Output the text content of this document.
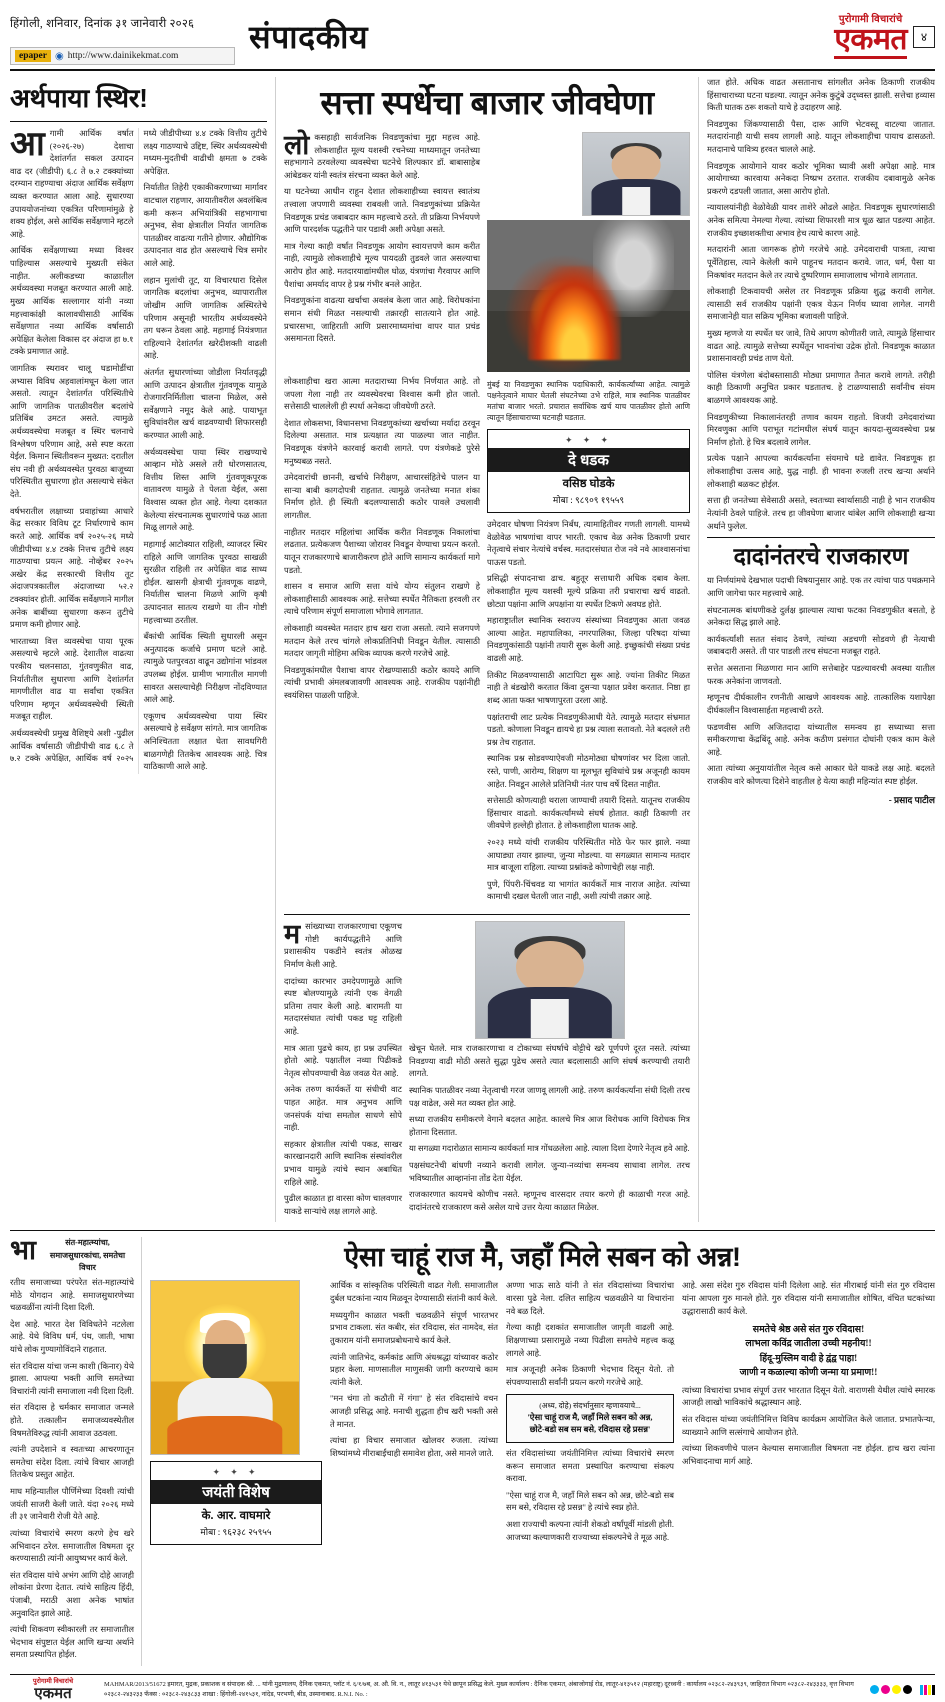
हिंगोली, शनिवार, दिनांक ३१ जानेवारी २०२६
epaper ◉ http://www.dainikekmat.com
संपादकीय	पुरोगामी विचारांचे
एकमत	४
अर्थपाया स्थिर!
आ गामी आर्थिक वर्षात (२०२६-२७) देशाचा देशांतर्गत सकल उत्पादन वाढ दर (जीडीपी) ६.८ ते ७.२ टक्क्यांच्या दरम्यान राहण्याचा अंदाज आर्थिक सर्वेक्षण व्यक्त करण्यात आला आहे. सुधारण्या उपाययोजनांच्या एकत्रित परिणामांमुळे हे शक्य होईल, असे आर्थिक सर्वेक्षणाने म्हटले आहे.

आर्थिक सर्वेक्षणाच्या मध्या विश्वर पाहिल्यास असल्याचे मुख्यती संकेत नाहीत. अलीकडच्या काळातील अर्थव्यवस्था मजबूत करण्यात आली आहे. मुख्य आर्थिक सल्लागार यांनी नव्या महत्त्वाकांक्षी कालावधीसाठी आर्थिक सर्वेक्षणात नव्या आर्थिक वर्षासाठी अपेक्षित केलेला विकास दर अंदाज हा ७.१ टक्के प्रमाणात आहे.

जागतिक स्थरावर चालू घडामोडींचा अभ्यास विविध अहवालांमधून केला जात असतो. त्यातून देशांतर्गत परिस्थितीचे आणि जागतिक पातळीवरील बदलांचे प्रतिबिंब उमटत असते. त्यामुळे अर्थव्यवस्थेचा मजबूत व स्थिर चलनाचे विश्लेषण परिणाम आहे, असे स्पष्ट करता येईल. किमान स्थितीवरून मुख्यत: दरातील संघ नवी ही अर्थव्यवस्थेत पुरवठा बाजूच्या परिस्थितीत सुधारणा होत असल्याचे संकेत देते.

वर्षभरातील लक्षाच्या प्रवाहांच्या आधारे केंद्र सरकार विविध टूट निर्धारणाचे काम करते आहे. आर्थिक वर्ष २०२५-२६ मध्ये जीडीपीच्या ४.४ टक्के नित्तच तुटीचे लक्ष्य गाठण्याचा प्रयत्न आहे. नोव्हेंबर २०२५ अखेर केंद्र सरकारची वित्तीय तूट अंदाजपत्रकातील अंदाजाच्या ५२.२ टक्क्यांवर होती. आर्थिक सर्वेक्षणाने मागील अनेक बाबींच्या सुधारणा करून तुटीचे प्रमाण कमी होणार आहे.

भारताच्या वित्त व्यवस्थेचा पाया पूरक असल्याचे म्हटले आहे. देशातील वाढत्या परकीय चलनसाठा, गुंतवणुकीत वाढ, निर्यातीतील सुधारणा आणि देशांतर्गत मागणीतील वाढ या सर्वांचा एकत्रित परिणाम म्हणून अर्थव्यवस्थेची स्थिती मजबूत राहील.

अर्थव्यवस्थेची प्रमुख वैशिष्ट्ये अशी -पुढील आर्थिक वर्षासाठी जीडीपीची वाढ ६.८ ते ७.२ टक्के अपेक्षित, आर्थिक वर्ष २०२५ मध्ये जीडीपीच्या ४.४ टक्के वित्तीय तुटीचे लक्ष्य गाठण्याचे उद्दिष्ट, स्थिर अर्थव्यवस्थेची मध्यम-मुदतीची वाढीची क्षमता ७ टक्के अपेक्षित.

निर्यातीत तिहेरी एकाकीकरणाच्या मार्गावर वाटचाल राहणार, आयातीवरील अवलंबित्व कमी करून अभियांत्रिकी सहभागाचा अनुभव, सेवा क्षेत्रातील निर्यात जागतिक पातळीवर वाढत्या गतीने होणार. औद्योगिक उत्पादनात वाढ होत असल्याचे चित्र समोर आले आहे.

लहान मुलांची तूट, या विचारधारा दिसेल जागतिक बदलांचा अनुभव, व्यापारातील जोखीम आणि जागतिक अस्थिरतेचे परिणाम असूनही भारतीय अर्थव्यवस्थेने तग धरून ठेवला आहे. महागाई नियंत्रणात राहिल्याने देशांतर्गत खरेदीशक्ती वाढली आहे.

अंतर्गत सुधारणांच्या जोडीला निर्यातवृद्धी आणि उत्पादन क्षेत्रातील गुंतवणूक यामुळे रोजगारनिर्मितीला चालना मिळेल, असे सर्वेक्षणाने नमूद केले आहे. पायाभूत सुविधांवरील खर्च वाढवण्याची शिफारसही करण्यात आली आहे.

अर्थव्यवस्थेचा पाया स्थिर राखण्याचे आव्हान मोठे असले तरी धोरणसातत्य, वित्तीय शिस्त आणि गुंतवणूकपूरक वातावरण यामुळे ते पेलता येईल, असा विश्वास व्यक्त होत आहे. गेल्या दशकात केलेल्या संरचनात्मक सुधारणांचे फळ आता मिळू लागले आहे.

महागाई आटोक्यात राहिली, व्याजदर स्थिर राहिले आणि जागतिक पुरवठा साखळी सुरळीत राहिली तर अपेक्षित वाढ साध्य होईल. खासगी क्षेत्राची गुंतवणूक वाढणे, निर्यातीस चालना मिळणे आणि कृषी उत्पादनात सातत्य राखणे या तीन गोष्टी महत्त्वाच्या ठरतील.

बँकांची आर्थिक स्थिती सुधारली असून अनुत्पादक कर्जाचे प्रमाण घटले आहे. त्यामुळे पतपुरवठा वाढून उद्योगांना भांडवल उपलब्ध होईल. ग्रामीण भागातील मागणी सावरत असल्याचेही निरीक्षण नोंदविण्यात आले आहे.

एकूणच अर्थव्यवस्थेचा पाया स्थिर असल्याचे हे सर्वेक्षण सांगते. मात्र जागतिक अनिश्चितता लक्षात घेता सावधगिरी बाळगणेही तितकेच आवश्यक आहे. चित्र याठिकाणी आले आहे.

सत्ता स्पर्धेचा बाजार जीवघेणा
लो कसहाही सार्वजनिक निवडणुकांचा मुद्दा महत्त्व आहे. लोकशाहीत मूल्य यशस्वी रचनेच्या माध्यमातून जनतेच्या सहभागाने ठरवलेल्या व्यवस्थेचा घटनेचे शिल्पकार डॉ. बाबासाहेब आंबेडकर यांनी स्वतंत्र संरचना व्यक्त केले आहे.

या घटनेच्या आधीन राहून देशात लोकशाहीच्या स्वायत्त स्वातंत्र्य तत्त्वाला जपणारी व्यवस्था राबवली जाते. निवडणुकांच्या प्रक्रियेत निवडणूक प्रचंड जबाबदार काम महत्त्वाचे ठरते. ती प्रक्रिया निर्भयपणे आणि पारदर्शक पद्धतीने पार पडावी अशी अपेक्षा असते.

मात्र गेल्या काही वर्षांत निवडणूक आयोग स्वायत्तपणे काम करीत नाही, त्यामुळे लोकशाहीचे मूल्य पायदळी तुडवले जात असल्याचा आरोप होत आहे. मतदारयाद्यांमधील घोळ, यंत्रणांचा गैरवापर आणि पैशांचा अमर्याद वापर हे प्रश्न गंभीर बनले आहेत.

निवडणुकांना वाढत्या खर्चाचा अवलंब केला जात आहे. विरोधकांना समान संधी मिळत नसल्याची तक्रारही सातत्याने होत आहे. प्रचारसभा, जाहिराती आणि प्रसारमाध्यमांचा वापर यात प्रचंड असमानता दिसते.

लोकशाहीचा खरा आत्मा मतदाराच्या निर्भय निर्णयात आहे. तो जपला गेला नाही तर व्यवस्थेवरचा विश्वास कमी होत जातो. सत्तेसाठी चाललेली ही स्पर्धा अनेकदा जीवघेणी ठरते.

देशात लोकसभा, विधानसभा निवडणुकांच्या खर्चाच्या मर्यादा ठरवून दिलेल्या असतात. मात्र प्रत्यक्षात त्या पाळल्या जात नाहीत. निवडणूक यंत्रणेने कारवाई करावी लागते. पण यंत्रणेकडे पुरेसे मनुष्यबळ नसते.

उमेदवारांची छाननी, खर्चाचे निरीक्षण, आचारसंहितेचे पालन या साऱ्या बाबी कागदोपत्री राहतात. त्यामुळे जनतेच्या मनात शंका निर्माण होते. ही स्थिती बदलण्यासाठी कठोर पावले उचलावी लागतील.

नाहीतर मतदार महिलांचा आर्थिक करीत निवडणूक निकालांचा लढतात. प्रत्येकजण पैशाच्या जोरावर निवडून येण्याचा प्रयत्न करतो. यातून राजकारणाचे बाजारीकरण होते आणि सामान्य कार्यकर्ता मागे पडतो.

शासन व समाज आणि सत्ता यांचे योग्य संतुलन राखणे हे लोकशाहीसाठी आवश्यक आहे. सत्तेच्या स्पर्धेत नैतिकता हरवली तर त्याचे परिणाम संपूर्ण समाजाला भोगावे लागतात.

लोकशाही व्यवस्थेत मतदार हाच खरा राजा असतो. त्याने सजगपणे मतदान केले तरच चांगले लोकप्रतिनिधी निवडून येतील. त्यासाठी मतदार जागृती मोहिमा अधिक व्यापक करणे गरजेचे आहे.

निवडणुकांमधील पैशाचा वापर रोखण्यासाठी कठोर कायदे आणि त्यांची प्रभावी अंमलबजावणी आवश्यक आहे. राजकीय पक्षांनीही स्वयंशिस्त पाळली पाहिजे.

मुंबई या निवडणुका स्थानिक पदाधिकारी, कार्यकर्त्यांच्या आहेत. त्यामुळे पक्षनेतृत्वाने माघार घेतली संघटनेच्या उभे राहिले, मात्र स्थानिक पातळीवर मतांचा बाजार भरतो. प्रचारात सर्वाधिक खर्च याच पातळीवर होतो आणि त्यातून हिंसाचाराच्या घटनाही घडतात.
✦ ✦ ✦
दे धडक
वसिष्ठ घोडके
मोबा : ९८९०९ १९५५९

उमेदवार घोषणा नियंत्रण निर्बंध, त्यामाहितीवर गणती लागली. यामध्ये वेळोवेळ भाषणांचा वापर भारती. एकाच वेळ अनेक ठिकाणी प्रचार नेतृत्वाचे संचार नेत्यांचे वर्चस्व. मतदारसंघात रोज नवे नवे आश्वासनांचा पाऊस पडतो.

प्रसिद्धी संपादनाचा ढाच. बहुतूर सत्ताधारी अधिक दबाव केला. लोकशाहीत मूल्य यशस्वी मूल्ये प्रक्रिया तरी प्रचाराचा खर्च वाढतो. छोट्या पक्षांना आणि अपक्षांना या स्पर्धेत टिकणे अवघड होते.

महाराष्ट्रातील स्थानिक स्वराज्य संस्थांच्या निवडणुका आता जवळ आल्या आहेत. महापालिका, नगरपालिका, जिल्हा परिषदा यांच्या निवडणुकांसाठी पक्षांनी तयारी सुरू केली आहे. इच्छुकांची संख्या प्रचंड वाढली आहे.

तिकीट मिळवण्यासाठी आटापिटा सुरू आहे. ज्यांना तिकीट मिळत नाही ते बंडखोरी करतात किंवा दुसऱ्या पक्षात प्रवेश करतात. निष्ठा हा शब्द आता फक्त भाषणापुरता उरला आहे.

पक्षांतराची लाट प्रत्येक निवडणुकीआधी येते. त्यामुळे मतदार संभ्रमात पडतो. कोणाला निवडून द्यायचे हा प्रश्न त्याला सतावतो. नेते बदलले तरी प्रश्न तेच राहतात.

स्थानिक प्रश्न सोडवण्याऐवजी मोठमोठ्या घोषणांवर भर दिला जातो. रस्ते, पाणी, आरोग्य, शिक्षण या मूलभूत सुविधांचे प्रश्न अजूनही कायम आहेत. निवडून आलेले प्रतिनिधी नंतर पाच वर्षे दिसत नाहीत.

सत्तेसाठी कोणत्याही थराला जाण्याची तयारी दिसते. यातूनच राजकीय हिंसाचार वाढतो. कार्यकर्त्यांमध्ये संघर्ष होतात. काही ठिकाणी तर जीवघेणे हल्लेही होतात. हे लोकशाहीला घातक आहे.

२०२३ मध्ये यांची राजकीय परिस्थितीत मोठे फेर फार झाले. नव्या आघाड्या तयार झाल्या, जुन्या मोडल्या. या सगळ्यात सामान्य मतदार मात्र बाजूला राहिला. त्याच्या प्रश्नांकडे कोणाचेही लक्ष नाही.

पुणे, पिंपरी-चिंचवड या भागांत कार्यकर्ते मात्र नाराज आहेत. त्यांच्या कामाची दखल घेतली जात नाही, अशी त्यांची तक्रार आहे.

म सांख्याच्या राजकारणाचा एकूणच गोष्टी कार्यपद्धतीने आणि प्रशासकीय पकडीने स्वतंत्र ओळख निर्माण केली आहे.

दादांच्या कारभार उमदेपणामुळे आणि स्पष्ट बोलण्यामुळे त्यांनी एक वेगळी प्रतिमा तयार केली आहे. बारामती या मतदारसंघात त्यांची पकड घट्ट राहिली आहे.

मात्र आता पुढचे काय, हा प्रश्न उपस्थित होतो आहे. पक्षातील नव्या पिढीकडे नेतृत्व सोपवण्याची वेळ जवळ येत आहे.

अनेक तरुण कार्यकर्ते या संधीची वाट पाहत आहेत. मात्र अनुभव आणि जनसंपर्क यांचा समतोल साधणे सोपे नाही.

सहकार क्षेत्रातील त्यांची पकड, साखर कारखानदारी आणि स्थानिक संस्थांवरील प्रभाव यामुळे त्यांचे स्थान अबाधित राहिले आहे.

पुढील काळात हा वारसा कोण चालवणार याकडे साऱ्यांचे लक्ष लागले आहे.

खेचून घेतले. मात्र राजकारणाचा व टोकाच्या संघर्षाचे वोट्टीचे खरे पूर्णपणे दूरत नसते. त्यांच्या निवडण्या वाढी मोठी असते सुद्धा पुढेच असते त्यात बदलासाठी आणि संघर्ष करण्याची तयारी लागते.

स्थानिक पातळीवर नव्या नेतृत्वाची गरज जाणवू लागली आहे. तरुण कार्यकर्त्यांना संधी दिली तरच पक्ष वाढेल, असे मत व्यक्त होत आहे.

सध्या राजकीय समीकरणे वेगाने बदलत आहेत. कालचे मित्र आज विरोधक आणि विरोधक मित्र होताना दिसतात.

या सगळ्या गदारोळात सामान्य कार्यकर्ता मात्र गोंधळलेला आहे. त्याला दिशा देणारे नेतृत्व हवे आहे.

पक्षसंघटनेची बांधणी नव्याने करावी लागेल. जुन्या-नव्यांचा समन्वय साधावा लागेल. तरच भविष्यातील आव्हानांना तोंड देता येईल.

राजकारणात कायमचे कोणीच नसते. म्हणूनच वारसदार तयार करणे ही काळाची गरज आहे. दादांनंतरचे राजकारण कसे असेल याचे उत्तर येत्या काळात मिळेल.

जात होते. अधिक वाढत असतानाच सांगलीत अनेक ठिकाणी राजकीय हिंसाचाराच्या घटना घडल्या. त्यातून अनेक कुटुंबे उद्ध्वस्त झाली. सत्तेचा हव्यास किती घातक ठरू शकतो याचे हे उदाहरण आहे.

निवडणुका जिंकण्यासाठी पैसा, दारू आणि भेटवस्तू वाटल्या जातात. मतदारांनाही याची सवय लागली आहे. यातून लोकशाहीचा पायाच ढासळतो. मतदानाचे पावित्र्य हरवत चालले आहे.

निवडणूक आयोगाने यावर कठोर भूमिका घ्यावी अशी अपेक्षा आहे. मात्र आयोगाच्या कारवाया अनेकदा निष्प्रभ ठरतात. राजकीय दबावामुळे अनेक प्रकरणे दडपली जातात, असा आरोप होतो.

न्यायालयांनीही वेळोवेळी यावर ताशेरे ओढले आहेत. निवडणूक सुधारणांसाठी अनेक समित्या नेमल्या गेल्या. त्यांच्या शिफारशी मात्र धूळ खात पडल्या आहेत. राजकीय इच्छाशक्तीचा अभाव हेच त्याचे कारण आहे.

मतदारांनी आता जागरूक होणे गरजेचे आहे. उमेदवाराची पात्रता, त्याचा पूर्वेतिहास, त्याने केलेली कामे पाहूनच मतदान करावे. जात, धर्म, पैसा या निकषांवर मतदान केले तर त्याचे दुष्परिणाम समाजालाच भोगावे लागतात.

लोकशाही टिकवायची असेल तर निवडणूक प्रक्रिया शुद्ध करावी लागेल. त्यासाठी सर्व राजकीय पक्षांनी एकत्र येऊन निर्णय घ्यावा लागेल. नागरी समाजानेही यात सक्रिय भूमिका बजावली पाहिजे.

मुख्य म्हणजे या स्पर्धेत घर जावे, तिथे आपण कोणीतरी जाते, त्यामुळे हिंसाचार वाढत आहे. त्यामुळे सत्तेच्या स्पर्धेतून भावनांचा उद्रेक होतो. निवडणूक काळात प्रशासनावरही प्रचंड ताण येतो.

पोलिस यंत्रणेला बंदोबस्तासाठी मोठ्या प्रमाणात तैनात करावे लागते. तरीही काही ठिकाणी अनुचित प्रकार घडतातच. हे टाळण्यासाठी सर्वांनीच संयम बाळगणे आवश्यक आहे.

निवडणुकीच्या निकालानंतरही तणाव कायम राहतो. विजयी उमेदवारांच्या मिरवणुका आणि पराभूत गटांमधील संघर्ष यातून कायदा-सुव्यवस्थेचा प्रश्न निर्माण होतो. हे चित्र बदलावे लागेल.

प्रत्येक पक्षाने आपल्या कार्यकर्त्यांना संयमाचे धडे द्यावेत. निवडणूक हा लोकशाहीचा उत्सव आहे, युद्ध नाही. ही भावना रुजली तरच खऱ्या अर्थाने लोकशाही बळकट होईल.

सत्ता ही जनतेच्या सेवेसाठी असते, स्वतःच्या स्वार्थासाठी नाही हे भान राजकीय नेत्यांनी ठेवले पाहिजे. तरच हा जीवघेणा बाजार थांबेल आणि लोकशाही खऱ्या अर्थाने फुलेल.

दादांनंतरचे राजकारण

या निर्णयांमधे देखभाल पदाची विषयानुसार आहे. एक तर त्यांचा पाठ पथक्रमाने आणि जागेचा फार महत्त्वाचे आहे.

संघटनात्मक बांधणीकडे दुर्लक्ष झाल्यास त्याचा फटका निवडणुकीत बसतो, हे अनेकदा सिद्ध झाले आहे.

कार्यकर्त्यांशी सतत संवाद ठेवणे, त्यांच्या अडचणी सोडवणे ही नेत्याची जबाबदारी असते. ती पार पाडली तरच संघटना मजबूत राहते.

सत्तेत असताना मिळणारा मान आणि सत्तेबाहेर पडल्यावरची अवस्था यातील फरक अनेकांना जाणवतो.

म्हणूनच दीर्घकालीन रणनीती आखणे आवश्यक आहे. तात्कालिक यशापेक्षा दीर्घकालीन विश्वासार्हता महत्त्वाची ठरते.

फडणवीस आणि अजितदादा यांच्यातील समन्वय हा सध्याच्या सत्ता समीकरणाचा केंद्रबिंदू आहे. अनेक कठीण प्रसंगात दोघांनी एकत्र काम केले आहे.

आता त्यांच्या अनुयायांतील नेतृत्व कसे आकार घेते याकडे लक्ष आहे. बदलते राजकीय वारे कोणत्या दिशेने वाहतील हे येत्या काही महिन्यांत स्पष्ट होईल.

- प्रसाद पाटील
भा	संत-महात्म्यांचा, समाजसुधारकांचा, समतेचा विचार

रतीय समाजाच्या परंपरेत संत-महात्म्यांचे मोठे योगदान आहे. समाजसुधारणेच्या चळवळींना त्यांनी दिशा दिली.

देश आहे. भारत देश विविधतेने नटलेला आहे. येथे विविध धर्म, पंथ, जाती, भाषा यांचे लोक गुण्यागोविंदाने राहतात.

संत रविदास यांचा जन्म काशी (किनार) येथे झाला. आपल्या भक्ती आणि समतेच्या विचारांनी त्यांनी समाजाला नवी दिशा दिली.

संत रविदास हे चर्मकार समाजात जन्मले होते. तत्कालीन समाजव्यवस्थेतील विषमतेविरुद्ध त्यांनी आवाज उठवला.

त्यांनी उपदेशाने व स्वतःच्या आचरणातून समतेचा संदेश दिला. त्यांचे विचार आजही तितकेच प्रस्तुत आहेत.

माघ महिन्यातील पौर्णिमेच्या दिवशी त्यांची जयंती साजरी केली जाते. यंदा २०२६ मध्ये ती ३१ जानेवारी रोजी येते आहे.

त्यांच्या विचारांचे स्मरण करणे हेच खरे अभिवादन ठरेल. समाजातील विषमता दूर करण्यासाठी त्यांनी आयुष्यभर कार्य केले.

संत रविदास यांचे अभंग आणि दोहे आजही लोकांना प्रेरणा देतात. त्यांचे साहित्य हिंदी, पंजाबी, मराठी अशा अनेक भाषांत अनुवादित झाले आहे.

त्यांची शिकवण स्वीकारली तर समाजातील भेदभाव संपुष्टात येईल आणि खऱ्या अर्थाने समता प्रस्थापित होईल.

ऐसा चाहूं राज मै, जहाँ मिले सबन को अन्न!
✦ ✦ ✦
जयंती विशेष
के. आर. वाघमारे
मोबा : ९६२३८ २५९५५

आर्थिक व सांस्कृतिक परिस्थिती वाढत गेली. समाजातील दुर्बल घटकांना न्याय मिळवून देण्यासाठी संतांनी कार्य केले.

मध्ययुगीन काळात भक्ती चळवळीने संपूर्ण भारतभर प्रभाव टाकला. संत कबीर, संत रविदास, संत नामदेव, संत तुकाराम यांनी समाजप्रबोधनाचे कार्य केले.

त्यांनी जातिभेद, कर्मकांड आणि अंधश्रद्धा यांच्यावर कठोर प्रहार केला. माणसातील माणुसकी जागी करण्याचे काम त्यांनी केले.

"मन चंगा तो कठौती में गंगा" हे संत रविदासांचे वचन आजही प्रसिद्ध आहे. मनाची शुद्धता हीच खरी भक्ती असे ते मानत.

त्यांचा हा विचार समाजात खोलवर रुजला. त्यांच्या शिष्यांमध्ये मीराबाईंचाही समावेश होता, असे मानले जाते.

अण्णा भाऊ साठे यांनी ते संत रविदासांच्या विचारांचा वारसा पुढे नेला. दलित साहित्य चळवळीने या विचारांना नवे बळ दिले.

गेल्या काही दशकांत समाजातील जागृती वाढली आहे. शिक्षणाच्या प्रसारामुळे नव्या पिढीला समतेचे महत्त्व कळू लागले आहे.

मात्र अजूनही अनेक ठिकाणी भेदभाव दिसून येतो. तो संपवण्यासाठी सर्वांनी प्रयत्न करणे गरजेचे आहे.

(अध्य, दोहे) संदर्भानुसार म्हणावयाचे...
'ऐसा चाहूं राज मै, जहाँ मिले सबन को अन्न,
छोटे-बडो सब सम बसे, रविदास रहे प्रसन्न'

संत रविदासांच्या जयंतीनिमित्त त्यांच्या विचारांचे स्मरण करून समाजात समता प्रस्थापित करण्याचा संकल्प करावा.

"ऐसा चाहूं राज मै, जहाँ मिले सबन को अन्न, छोटे-बडो सब सम बसे, रविदास रहे प्रसन्न" हे त्यांचे स्वप्न होते.

अशा राज्याची कल्पना त्यांनी शेकडो वर्षांपूर्वी मांडली होती. आजच्या कल्याणकारी राज्याच्या संकल्पनेचे ते मूळ आहे.

आहे. असा संदेश गुरु रविदास यांनी दिलेला आहे. संत मीराबाई यांनी संत गुरु रविदास यांना आपला गुरु मानले होते. गुरु रविदास यांनी समाजातील शोषित, वंचित घटकांच्या उद्धारासाठी कार्य केले.

समतेचे श्रेष्ठ असे संत गुरु रविदास!
लाभला कविंद्र जातीला उच्ची महनीय!!
हिंदू-मुस्लिम वादी हे द्वंद्व पाहा!
जाणी न कळाल्या कोणी जन्मा या प्रमाण!!

त्यांच्या विचारांचा प्रभाव संपूर्ण उत्तर भारतात दिसून येतो. वाराणसी येथील त्यांचे स्मारक आजही लाखो भाविकांचे श्रद्धास्थान आहे.

संत रविदास यांच्या जयंतीनिमित्त विविध कार्यक्रम आयोजित केले जातात. प्रभातफेऱ्या, व्याख्याने आणि सत्संगाचे आयोजन होते.

त्यांच्या शिकवणीचे पालन केल्यास समाजातील विषमता नष्ट होईल. हाच खरा त्यांना अभिवादनाचा मार्ग आहे.

पुरोगामी विचारांचे
एकमत	MAHMAR/2013/51672 इमारत, मुद्रक, प्रकाशक व संपादक श्री. ... यांनी मुद्रणालय, दैनिक एकमत, प्लॉट नं. ६/१/७ब, अ. औ. वि. न., लातूर ४१३५३१ येथे छापून प्रसिद्ध केले. मुख्य कार्यालय : दैनिक एकमत, अंबाजोगाई रोड, लातूर-४१३५१२ (महाराष्ट्र) दूरध्वनी : कार्यालय ०२३८२-२४३९३९, जाहिरात विभाग ०२३८२-२४३३३३, वृत्त विभाग ०२३८२-२४३२३३ फॅक्स : ०२३८२-२४३८३३ शाखा : हिंगोली-२४१५३१, नांदेड, परभणी, बीड, उस्मानाबाद. R.N.I. No. :
